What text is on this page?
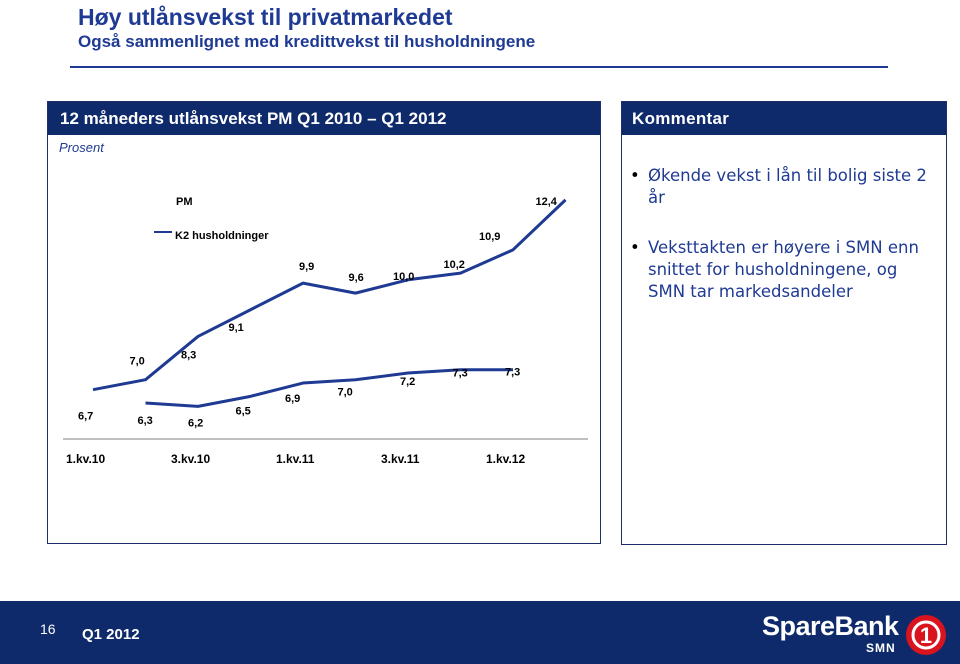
Høy utlånsvekst til privatmarkedet
Også sammenlignet med kredittvekst til husholdningene
12 måneders utlånsvekst PM Q1 2010 – Q1 2012
Prosent
6,7
7,0
8,3
9,1
9,9
9,6	10,0
10,2
10,9
12,4
6,3	6,2
6,5
6,9
7,0
7,2
7,3	7,3
PM
K2 husholdninger
1.kv.10	3.kv.10	1.kv.11	3.kv.11	1.kv.12
Kommentar
• Økende vekst i lån til bolig siste 2 år
• Veksttakten er høyere i SMN enn snittet for husholdningene, og SMN tar markedsandeler
16 Q1 2012	SpareBank
SMN 1
